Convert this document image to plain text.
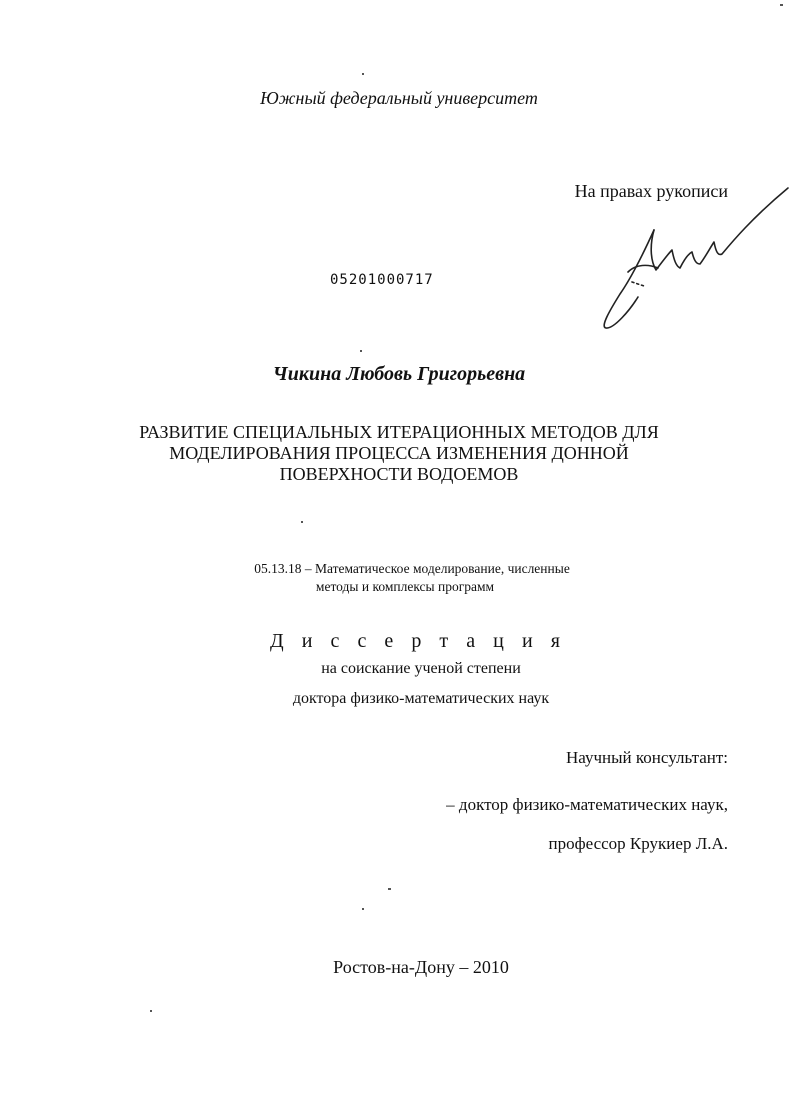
Южный федеральный университет

На правах рукописи

05201000717

Чикина Любовь Григорьевна

РАЗВИТИЕ СПЕЦИАЛЬНЫХ ИТЕРАЦИОННЫХ МЕТОДОВ ДЛЯ
МОДЕЛИРОВАНИЯ ПРОЦЕССА ИЗМЕНЕНИЯ ДОННОЙ
ПОВЕРХНОСТИ ВОДОЕМОВ
05.13.18 – Математическое моделирование, численные
методы и комплексы программ
Д и с с е р т а ц и я

на соискание ученой степени

доктора физико-математических наук

Научный консультант:

– доктор физико-математических наук,

профессор Крукиер Л.А.

Ростов-на-Дону – 2010
